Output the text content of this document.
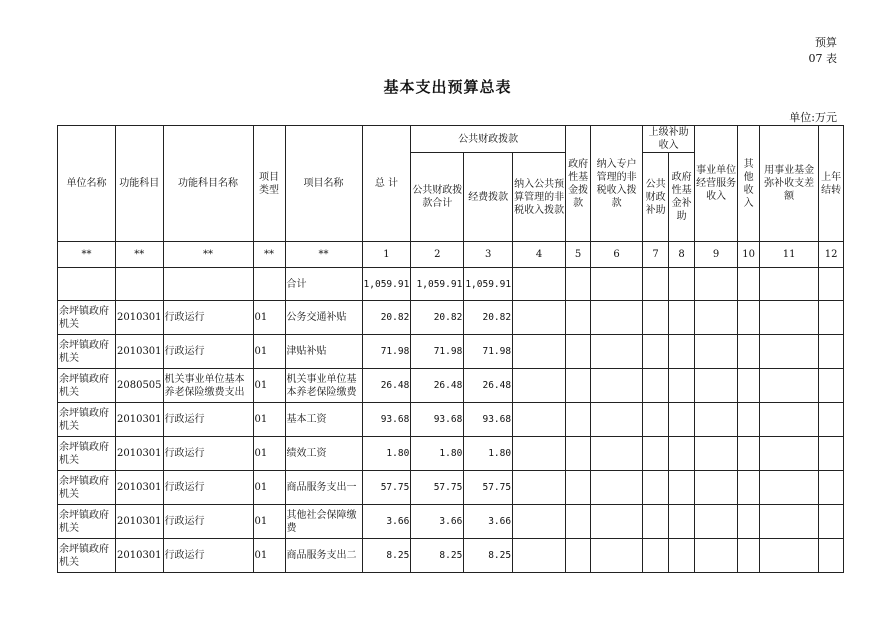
预算
07 表
基本支出预算总表
单位:万元
单位名称	功能科目	功能科目名称	项目类型	项目名称	总 计	公共财政拨款			政府性基金拨款	纳入专户管理的非税收入拨款	上级补助收入		事业单位经营服务收入	其他收入	用事业基金弥补收支差额	上年结转
						公共财政拨款合计	经费拨款	纳入公共预算管理的非税收入拨款			公共财政补助	政府性基金补助				

**	**	**	**	**	1	2	3	4	5	6	7	8	9	10	11	12
				合计	1,059.91	1,059.91	1,059.91									
余坪镇政府机关	2010301	行政运行	01	公务交通补贴	20.82	20.82	20.82									
余坪镇政府机关	2010301	行政运行	01	津贴补贴	71.98	71.98	71.98									
余坪镇政府机关	2080505	机关事业单位基本养老保险缴费支出	01	机关事业单位基本养老保险缴费	26.48	26.48	26.48									
余坪镇政府机关	2010301	行政运行	01	基本工资	93.68	93.68	93.68									
余坪镇政府机关	2010301	行政运行	01	绩效工资	1.80	1.80	1.80									
余坪镇政府机关	2010301	行政运行	01	商品服务支出一	57.75	57.75	57.75									
余坪镇政府机关	2010301	行政运行	01	其他社会保障缴费	3.66	3.66	3.66									
余坪镇政府机关	2010301	行政运行	01	商品服务支出二	8.25	8.25	8.25									
